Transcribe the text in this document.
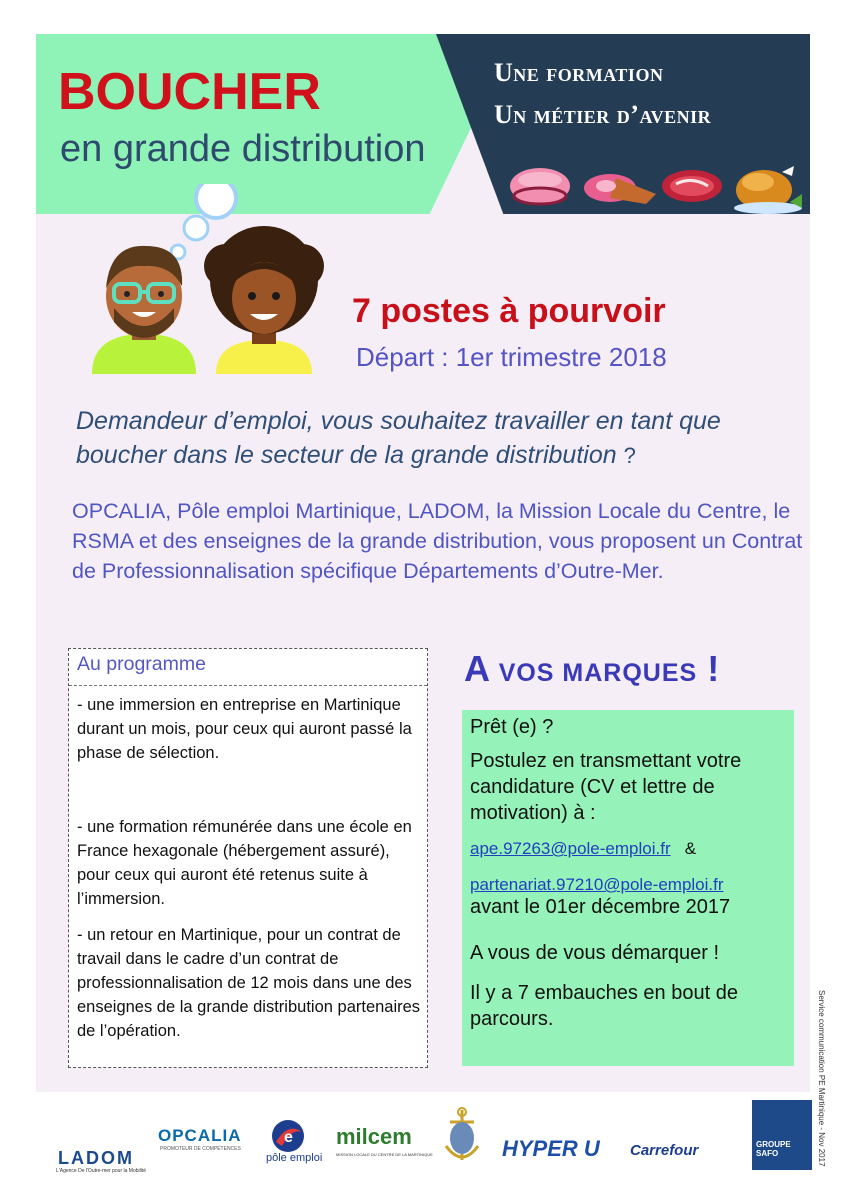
BOUCHER
en grande distribution
Une formation
Un métier d’avenir
7 postes à pourvoir
Départ : 1er trimestre 2018
Demandeur d’emploi, vous souhaitez travailler en tant que boucher dans le secteur de la grande distribution ?
OPCALIA, Pôle emploi Martinique, LADOM, la Mission Locale du Centre, le RSMA et des enseignes de la grande distribution, vous proposent un Contrat de Professionnalisation spécifique Départements d’Outre-Mer.
Au programme
- une immersion en entreprise en Martinique durant un mois, pour ceux qui auront passé la phase de sélection.
- une formation rémunérée dans une école en France hexagonale (hébergement assuré), pour ceux qui auront été retenus suite à l’immersion.
- un retour en Martinique, pour un contrat de travail dans le cadre d’un contrat de professionnalisation de 12 mois dans une des enseignes de la grande distribution partenaires de l’opération.
A VOS MARQUES !
Prêt (e) ?
Postulez en transmettant votre candidature (CV et lettre de motivation) à :
ape.97263@pole-emploi.fr &
partenariat.97210@pole-emploi.fr
avant le 01er décembre 2017
A vous de vous démarquer !
Il y a 7 embauches en bout de parcours.	Service communication PE Martinique - Nov 2017
LADOM
L'Agence De l'Outre-mer pour la Mobilité
OPCALIA
PROMOTEUR DE COMPÉTENCES
e
pôle emploi
milcem
MISSION LOCALE DU CENTRE DE LA MARTINIQUE	HYPER U Carrefour	GROUPE SAFO
